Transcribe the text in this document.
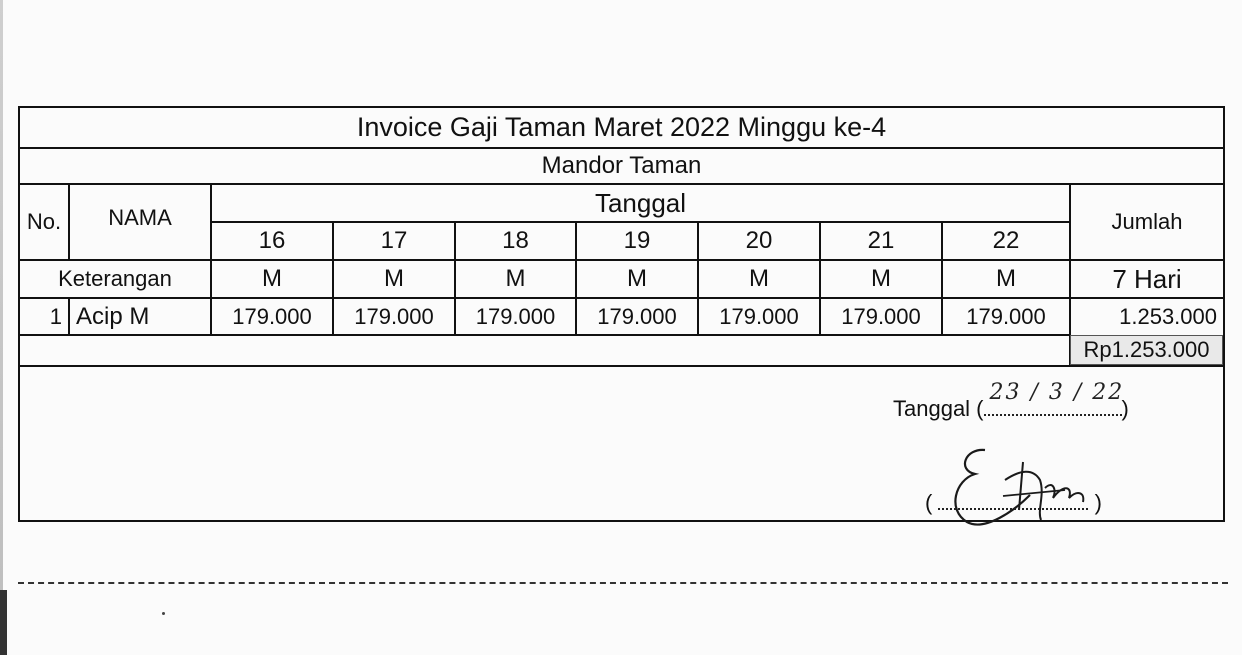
Invoice Gaji Taman Maret 2022 Minggu ke-4
Mandor Taman
No.	NAMA	Tanggal
Jumlah
16	17	18	19	20	21	22
Keterangan	M	M	M	M	M	M	M	7 Hari
1 Acip M	179.000	179.000	179.000	179.000	179.000	179.000	179.000	1.253.000
Rp1.253.000
Tanggal (
23 / 3 / 22
)
(	)
